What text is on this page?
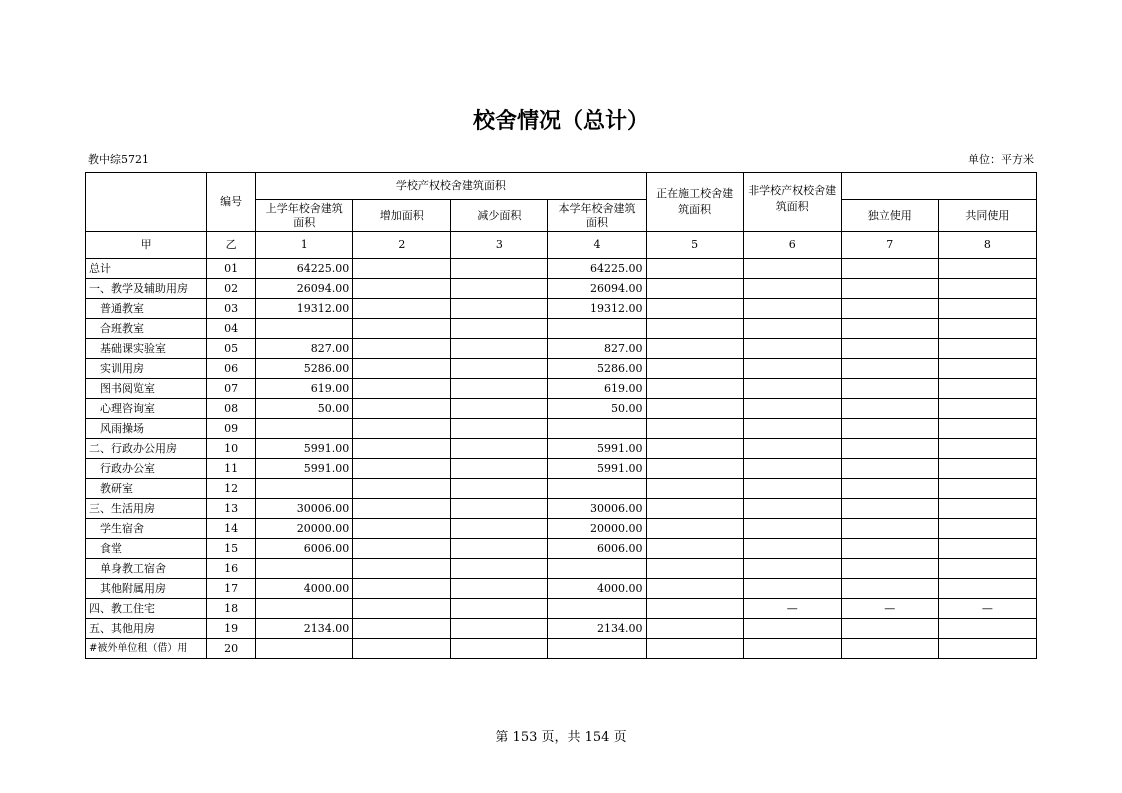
校舍情况（总计）
教中综5721	单位：平方米
	编号	学校产权校舍建筑面积				正在施工校舍建筑面积	非学校产权校舍建筑面积		

		上学年校舍建筑面积	增加面积	减少面积	本学年校舍建筑面积			独立使用	共同使用
甲	乙	1	2	3	4	5	6	7	8
总计	01	64225.00			64225.00				
一、教学及辅助用房	02	26094.00			26094.00				
普通教室	03	19312.00			19312.00				
合班教室	04								
基础课实验室	05	827.00			827.00				
实训用房	06	5286.00			5286.00				
图书阅览室	07	619.00			619.00				
心理咨询室	08	50.00			50.00				
风雨操场	09								
二、行政办公用房	10	5991.00			5991.00				
行政办公室	11	5991.00			5991.00				
教研室	12								
三、生活用房	13	30006.00			30006.00				
学生宿舍	14	20000.00			20000.00				
食堂	15	6006.00			6006.00				
单身教工宿舍	16								
其他附属用房	17	4000.00			4000.00				
四、教工住宅	18						—	—	—
五、其他用房	19	2134.00			2134.00				
#被外单位租（借）用	20								
第 153 页，共 154 页
